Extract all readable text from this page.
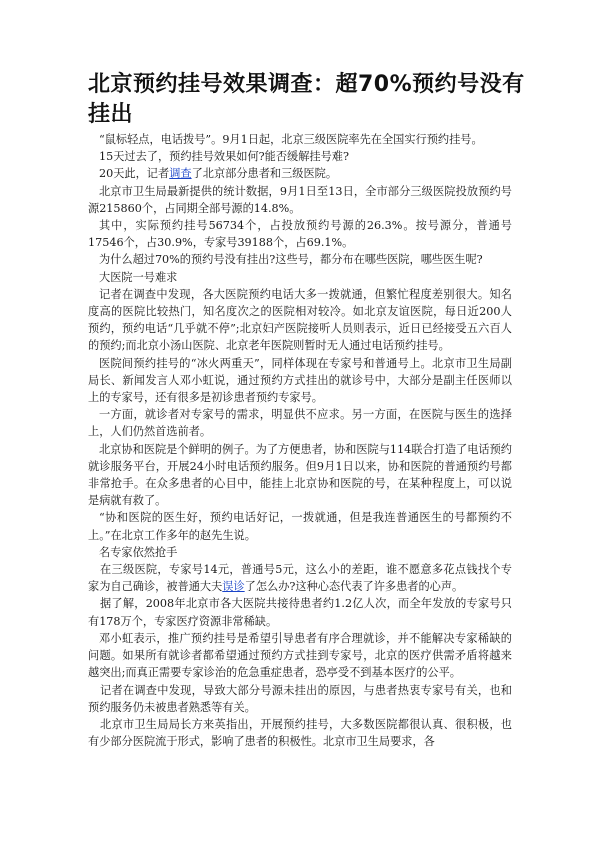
北京预约挂号效果调查：超70%预约号没有挂出

“鼠标轻点，电话拨号”。9月1日起，北京三级医院率先在全国实行预约挂号。

15天过去了，预约挂号效果如何?能否缓解挂号难?

20天此，记者调查了北京部分患者和三级医院。

北京市卫生局最新提供的统计数据，9月1日至13日，全市部分三级医院投放预约号源215860个，占同期全部号源的14.8%。

其中，实际预约挂号56734个，占投放预约号源的26.3%。按号源分，普通号17546个，占30.9%，专家号39188个，占69.1%。

为什么超过70%的预约号没有挂出?这些号，都分布在哪些医院，哪些医生呢?

大医院一号难求

记者在调查中发现，各大医院预约电话大多一拨就通，但繁忙程度差别很大。知名度高的医院比较热门，知名度次之的医院相对较冷。如北京友谊医院，每日近200人预约，预约电话“几乎就不停”;北京妇产医院接听人员则表示，近日已经接受五六百人的预约;而北京小汤山医院、北京老年医院则暂时无人通过电话预约挂号。

医院间预约挂号的“冰火两重天”，同样体现在专家号和普通号上。北京市卫生局副局长、新闻发言人邓小虹说，通过预约方式挂出的就诊号中，大部分是副主任医师以上的专家号，还有很多是初诊患者预约专家号。

一方面，就诊者对专家号的需求，明显供不应求。另一方面，在医院与医生的选择上，人们仍然首选前者。

北京协和医院是个鲜明的例子。为了方便患者，协和医院与114联合打造了电话预约就诊服务平台，开展24小时电话预约服务。但9月1日以来，协和医院的普通预约号都非常抢手。在众多患者的心目中，能挂上北京协和医院的号，在某种程度上，可以说是病就有救了。

“协和医院的医生好，预约电话好记，一拨就通，但是我连普通医生的号都预约不上。”在北京工作多年的赵先生说。

名专家依然抢手

在三级医院，专家号14元，普通号5元，这么小的差距，谁不愿意多花点钱找个专家为自己确诊，被普通大夫误诊了怎么办?这种心态代表了许多患者的心声。

据了解，2008年北京市各大医院共接待患者约1.2亿人次，而全年发放的专家号只有178万个，专家医疗资源非常稀缺。

邓小虹表示，推广预约挂号是希望引导患者有序合理就诊，并不能解决专家稀缺的问题。如果所有就诊者都希望通过预约方式挂到专家号，北京的医疗供需矛盾将越来越突出;而真正需要专家诊治的危急重症患者，恐亭受不到基本医疗的公平。

记者在调查中发现，导致大部分号源未挂出的原因，与患者热衷专家号有关，也和预约服务仍未被患者熟悉等有关。

北京市卫生局局长方来英指出，开展预约挂号，大多数医院都很认真、很积极，也有少部分医院流于形式，影响了患者的积极性。北京市卫生局要求，各
